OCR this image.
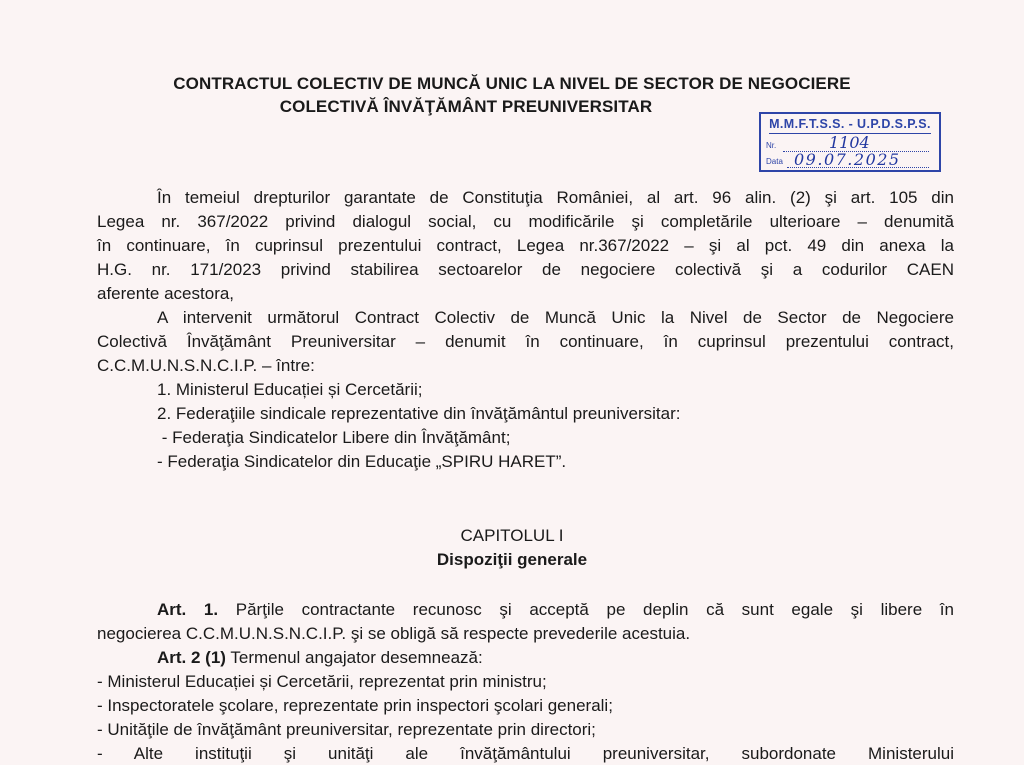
CONTRACTUL COLECTIV DE MUNCĂ UNIC LA NIVEL DE SECTOR DE NEGOCIERE
COLECTIVĂ ÎNVĂŢĂMÂNT PREUNIVERSITAR
M.M.F.T.S.S. - U.P.D.S.P.S.
Nr.	1104
Data 09.07.2025
În temeiul drepturilor garantate de Constituţia României, al art. 96 alin. (2) şi art. 105 din
Legea nr. 367/2022 privind dialogul social, cu modificările şi completările ulterioare – denumită
în continuare, în cuprinsul prezentului contract, Legea nr.367/2022 – şi al pct. 49 din anexa la
H.G. nr. 171/2023 privind stabilirea sectoarelor de negociere colectivă şi a codurilor CAEN
aferente acestora,
A intervenit următorul Contract Colectiv de Muncă Unic la Nivel de Sector de Negociere
Colectivă Învăţământ Preuniversitar – denumit în continuare, în cuprinsul prezentului contract,
C.C.M.U.N.S.N.C.I.P. – între:
1. Ministerul Educației și Cercetării;
2. Federaţiile sindicale reprezentative din învăţământul preuniversitar:
- Federaţia Sindicatelor Libere din Învăţământ;
- Federaţia Sindicatelor din Educaţie „SPIRU HARET”.
CAPITOLUL I
Dispoziţii generale
Art. 1. Părţile contractante recunosc şi acceptă pe deplin că sunt egale şi libere în
negocierea C.C.M.U.N.S.N.C.I.P. şi se obligă să respecte prevederile acestuia.
Art. 2 (1) Termenul angajator desemnează:
- Ministerul Educației și Cercetării, reprezentat prin ministru;
- Inspectoratele şcolare, reprezentate prin inspectori şcolari generali;
- Unităţile de învăţământ preuniversitar, reprezentate prin directori;
- Alte instituţii şi unităţi ale învăţământului preuniversitar, subordonate Ministerului
